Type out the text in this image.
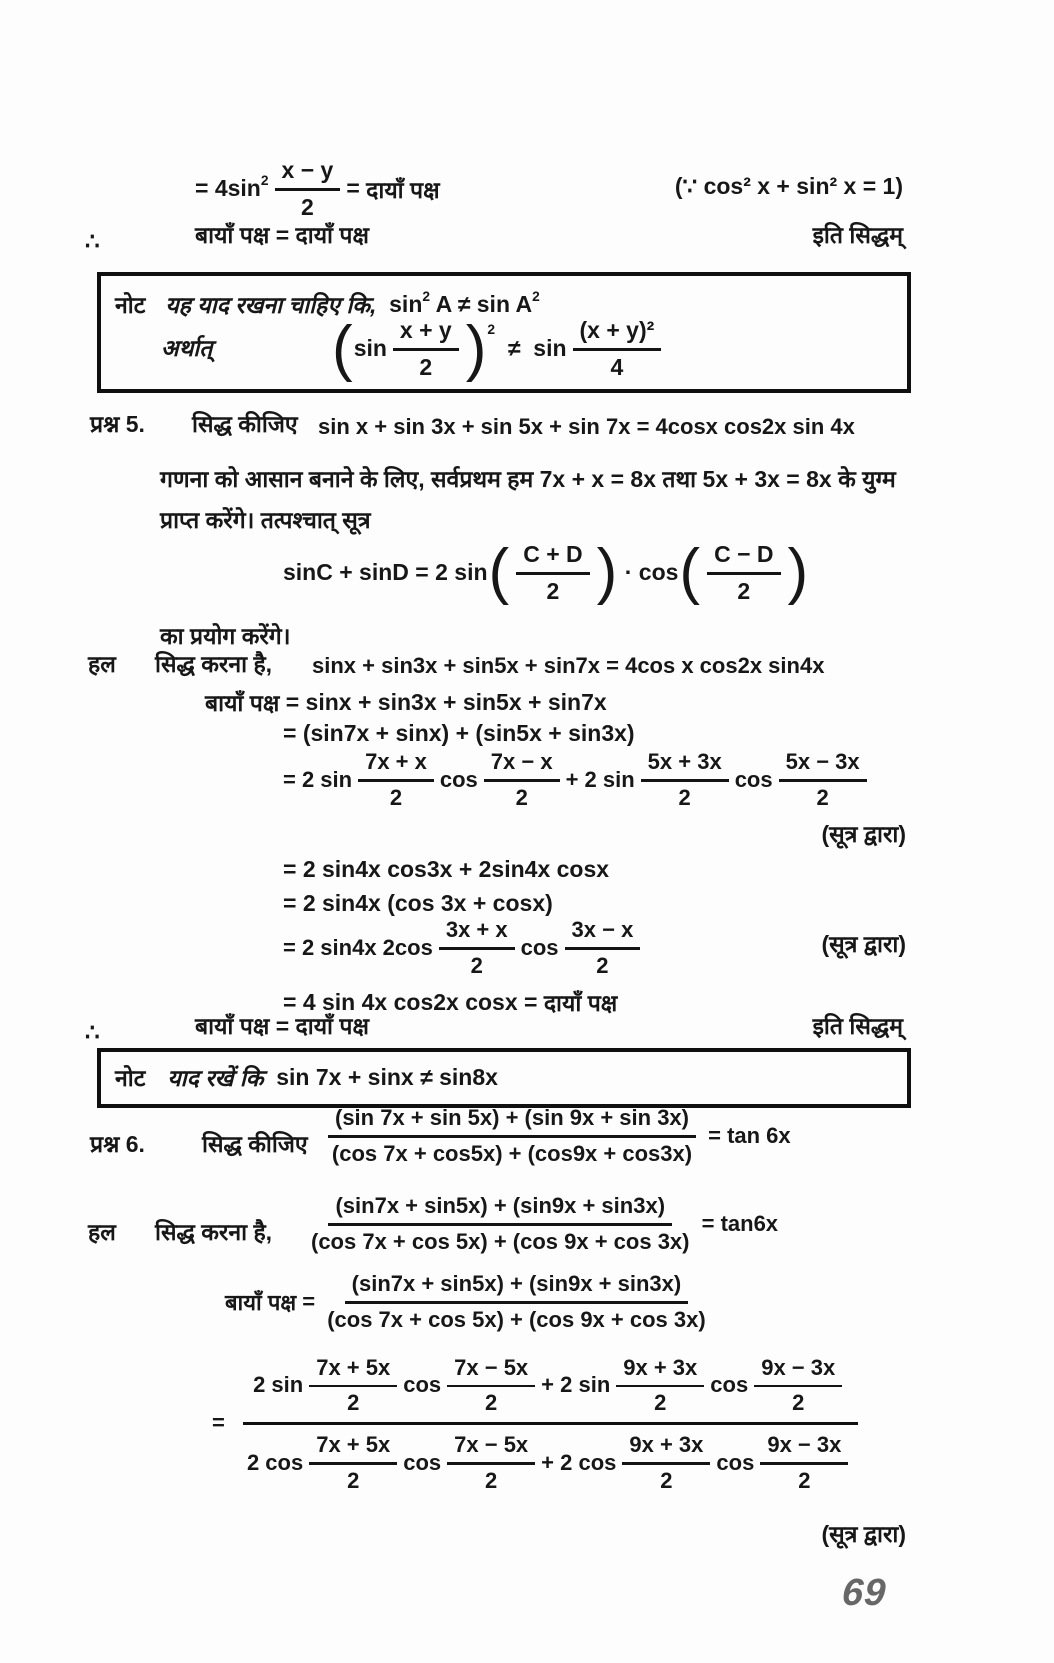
= 4sin $2 \frac{x - y}{2}$ = दायाँ पक्ष	(∵ cos² x + sin² x = 1)
∴	बायाँ पक्ष = दायाँ पक्ष	इति सिद्धम्
नोट यह याद रखना चाहिए कि, sin 2 A ≠ sin A 2
अर्थात् ( $\sin \frac{x + y}{2}$ ) 2
≠  $\sin \frac{\text{(x + y)²}}{4}$
प्रश्न 5. सिद्ध कीजिए sin x + sin 3x + sin 5x + sin 7x = 4cosx cos2x sin 4x
गणना को आसान बनाने के लिए, सर्वप्रथम हम 7x + x = 8x तथा 5x + 3x = 8x के युग्म
प्राप्त करेंगे। तत्पश्चात् सूत्र
sinC + sinD = 2 sin ( $\frac{C + D}{2}$ ) · cos ( $\frac{C - D}{2}$ )
का प्रयोग करेंगे।
हल सिद्ध करना है, sinx + sin3x + sin5x + sin7x = 4cos x cos2x sin4x
बायाँ पक्ष = sinx + sin3x + sin5x + sin7x
= (sin7x + sinx) + (sin5x + sin3x)
= 2 $\sin \frac{7x + x}{2}$ $\cos \frac{7x - x}{2} + 2$ $\sin \frac{5x + 3x}{2}$ $\cos \frac{5x - 3x}{2}$
(सूत्र द्वारा)
= 2 sin4x cos3x + 2sin4x cosx
= 2 sin4x (cos 3x + cosx)
= 2 sin4x $2\cos \frac{3x + x}{2}$ $\cos \frac{3x - x}{2}$	(सूत्र द्वारा)
= 4 sin 4x cos2x cosx = दायाँ पक्ष
∴	बायाँ पक्ष = दायाँ पक्ष	इति सिद्धम्
नोट याद रखें कि sin 7x + sinx ≠ sin8x
प्रश्न 6. सिद्ध कीजिए $\frac{(\sin 7x + \sin 5x) + (\sin 9x + \sin 3x)}{(\cos 7x + \cos 5x) + (\cos 9x + \cos 3x)} = \tan 6x$
हल सिद्ध करना है, $\frac{(\sin 7x + \sin 5x) + (\sin 9x + \sin 3x)}{(\cos 7x + \cos 5x) + (\cos 9x + \cos 3x)} = \tan 6x$
बायाँ पक्ष = $\frac{(\sin 7x + \sin 5x) + (\sin 9x + \sin 3x)}{(\cos 7x + \cos 5x) + (\cos 9x + \cos 3x)}$
= $\frac{2 \sin \frac{7x + 5x}{2} \cos \frac{7x - 5x}{2} + 2 \sin \frac{9x + 3x}{2} \cos \frac{9x - 3x}{2}}{2 \cos \frac{7x + 5x}{2} \cos \frac{7x - 5x}{2} + 2 \cos \frac{9x + 3x}{2} \cos \frac{9x - 3x}{2}}$
(सूत्र द्वारा)
69
